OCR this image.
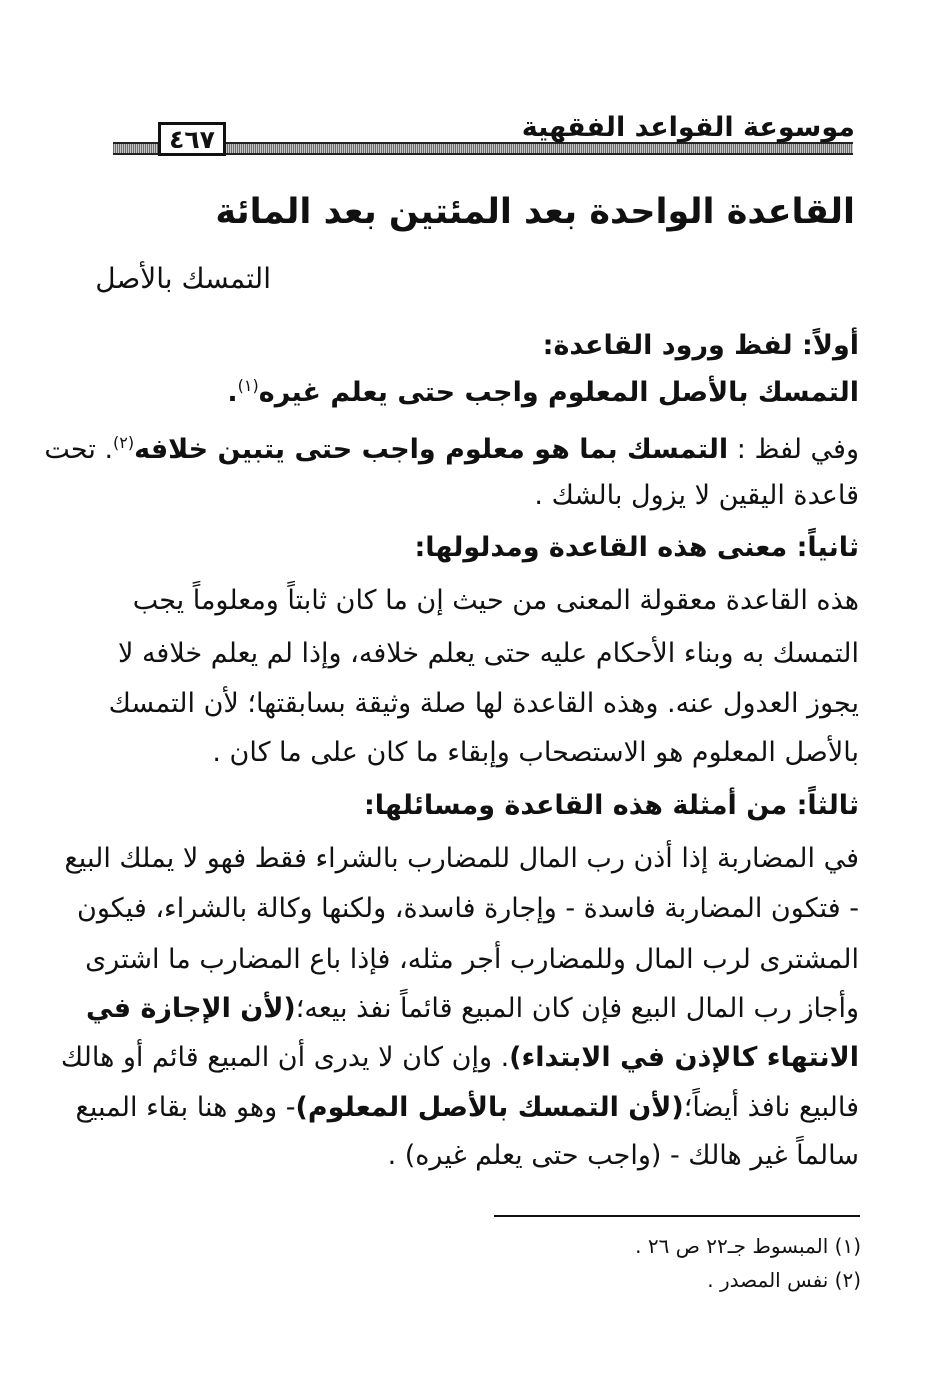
٤٦٧	موسوعة القواعد الفقهية
القاعدة الواحدة بعد المئتين بعد المائة
التمسك بالأصل
أولاً: لفظ ورود القاعدة:
التمسك بالأصل المعلوم واجب حتى يعلم غيره$^{(١)}$.
وفي لفظ : التمسك بما هو معلوم واجب حتى يتبين خلافه$^{(٢)}$. تحت
قاعدة اليقين لا يزول بالشك .
ثانياً: معنى هذه القاعدة ومدلولها:
هذه القاعدة معقولة المعنى من حيث إن ما كان ثابتاً ومعلوماً يجب
التمسك به وبناء الأحكام عليه حتى يعلم خلافه، وإذا لم يعلم خلافه لا
يجوز العدول عنه. وهذه القاعدة لها صلة وثيقة بسابقتها؛ لأن التمسك
بالأصل المعلوم هو الاستصحاب وإبقاء ما كان على ما كان .
ثالثاً: من أمثلة هذه القاعدة ومسائلها:
في المضاربة إذا أذن رب المال للمضارب بالشراء فقط فهو لا يملك البيع
- فتكون المضاربة فاسدة - وإجارة فاسدة، ولكنها وكالة بالشراء، فيكون
المشترى لرب المال وللمضارب أجر مثله، فإذا باع المضارب ما اشترى
وأجاز رب المال البيع فإن كان المبيع قائماً نفذ بيعه؛
(لأن الإجازة في
الانتهاء كالإذن في الابتداء)
. وإن كان لا يدرى أن المبيع قائم أو هالك
فالبيع نافذ أيضاً؛
(لأن التمسك بالأصل المعلوم)
- وهو هنا بقاء المبيع
سالماً غير هالك - (واجب حتى يعلم غيره) .
(١) المبسوط جـ٢٢ ص ٢٦ .
(٢) نفس المصدر .
